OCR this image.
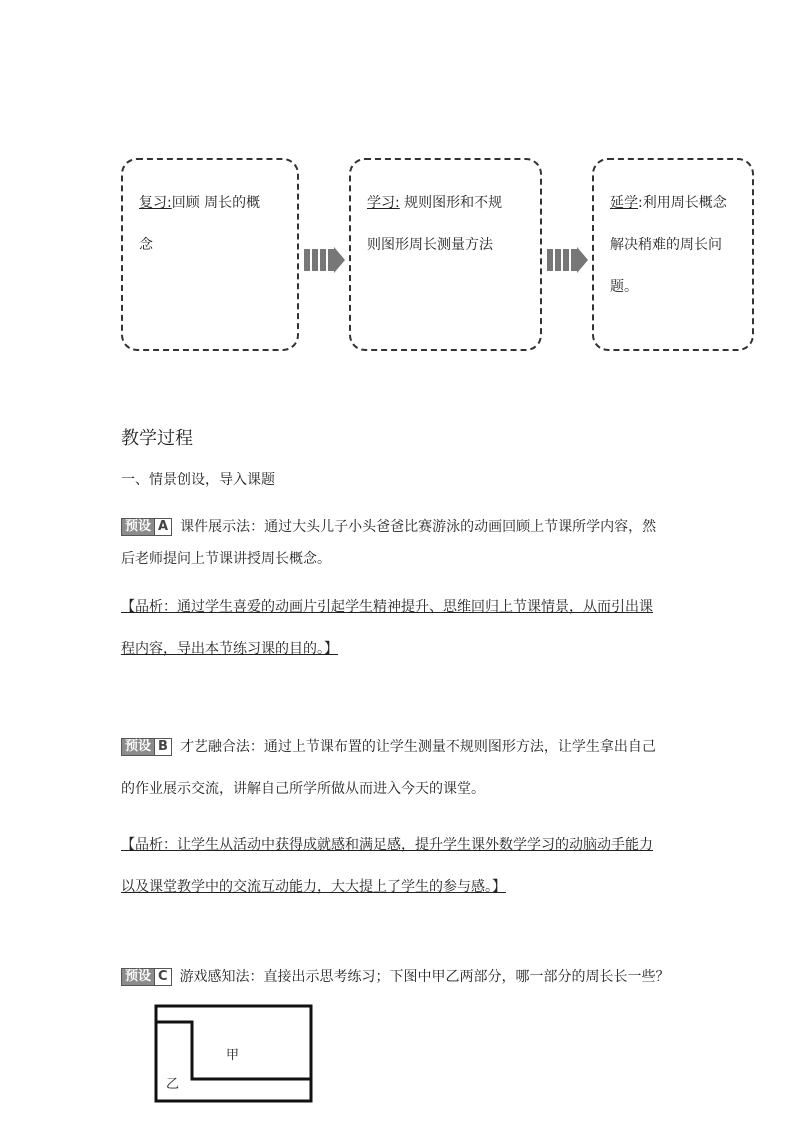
复习:回顾 周长的概
念
学习: 规则图形和不规
则图形周长测量方法
延学:利用周长概念
解决稍难的周长问
题。
教学过程
一、情景创设，导入课题
预设 A 课件展示法：通过大头儿子小头爸爸比赛游泳的动画回顾上节课所学内容，然
后老师提问上节课讲授周长概念。
【品析：通过学生喜爱的动画片引起学生精神提升、思维回归上节课情景，从而引出课
程内容，导出本节练习课的目的。】
预设 B 才艺融合法：通过上节课布置的让学生测量不规则图形方法，让学生拿出自己
的作业展示交流，讲解自己所学所做从而进入今天的课堂。
【品析：让学生从活动中获得成就感和满足感，提升学生课外数学学习的动脑动手能力
以及课堂教学中的交流互动能力，大大提上了学生的参与感。】
预设 C 游戏感知法：直接出示思考练习；下图中甲乙两部分，哪一部分的周长长一些？
甲
乙
